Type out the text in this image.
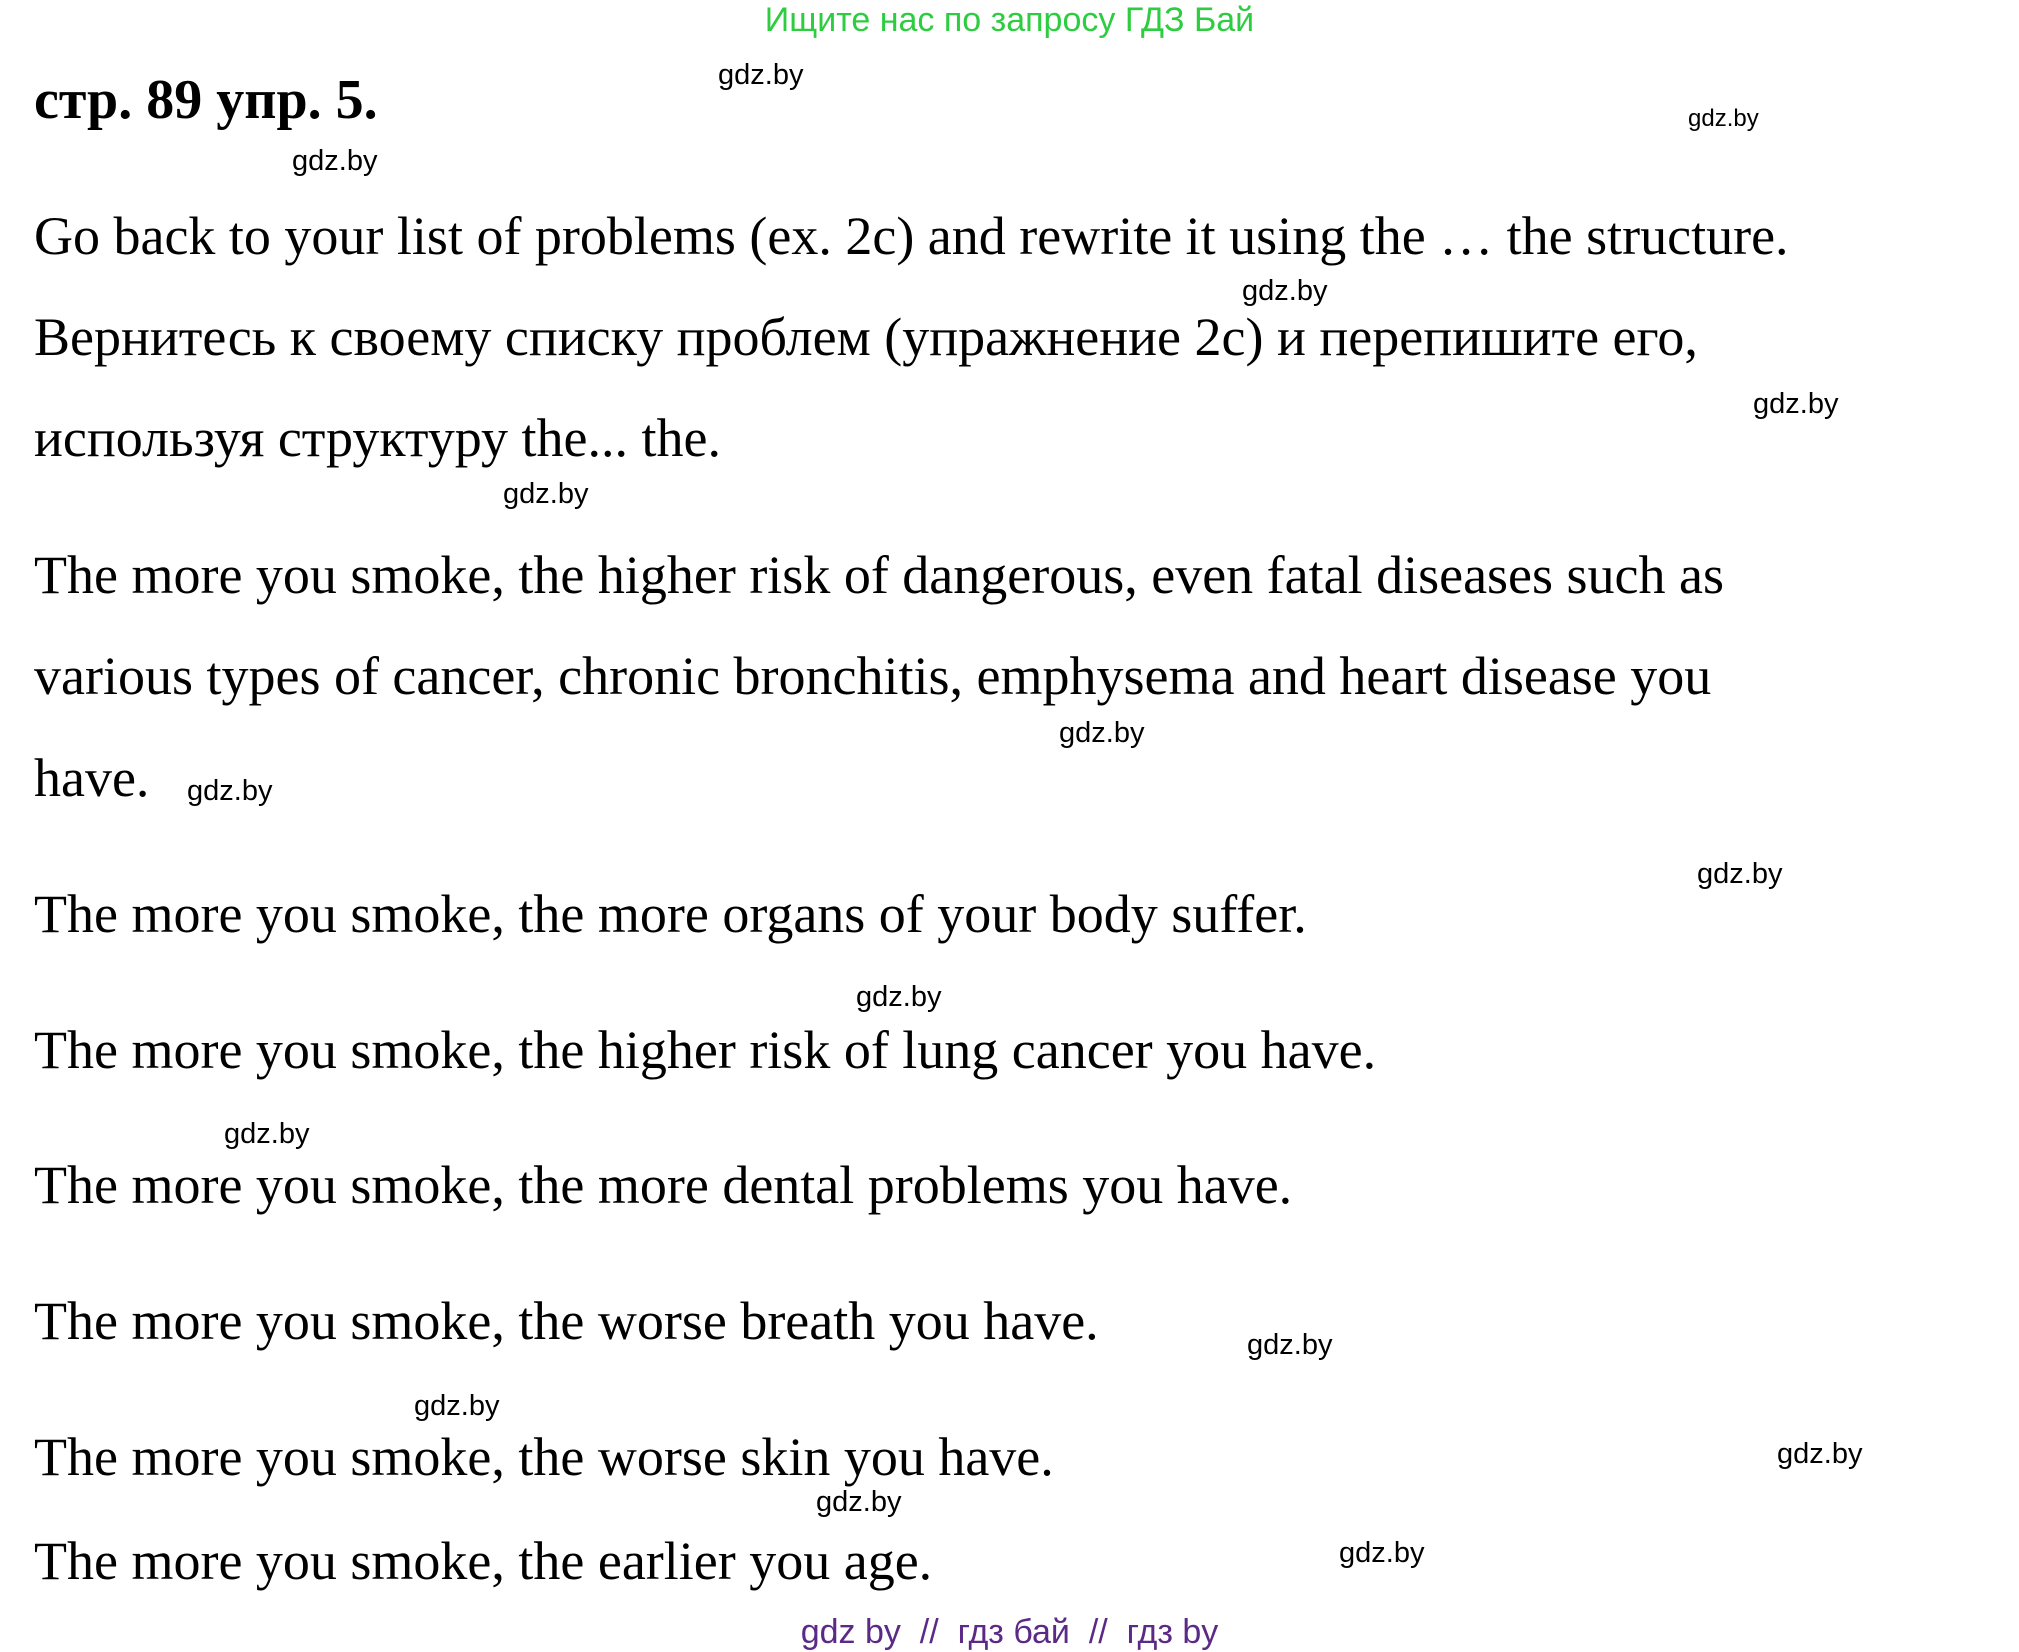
Ищите нас по запросу ГДЗ Бай
стр. 89 упр. 5.
Go back to your list of problems (ex. 2c) and rewrite it using the … the structure.
Вернитесь к своему списку проблем (упражнение 2с) и перепишите его,
используя структуру the... the.
The more you smoke, the higher risk of dangerous, even fatal diseases such as
various types of cancer, chronic bronchitis, emphysema and heart disease you
have.
The more you smoke, the more organs of your body suffer.
The more you smoke, the higher risk of lung cancer you have.
The more you smoke, the more dental problems you have.
The more you smoke, the worse breath you have.
The more you smoke, the worse skin you have.
The more you smoke, the earlier you age.
gdz.by
gdz.by
gdz.by
gdz.by
gdz.by
gdz.by
gdz.by
gdz.by
gdz.by
gdz.by
gdz.by
gdz.by
gdz.by
gdz.by
gdz.by
gdz.by
gdz by  //  гдз бай  //  гдз by
